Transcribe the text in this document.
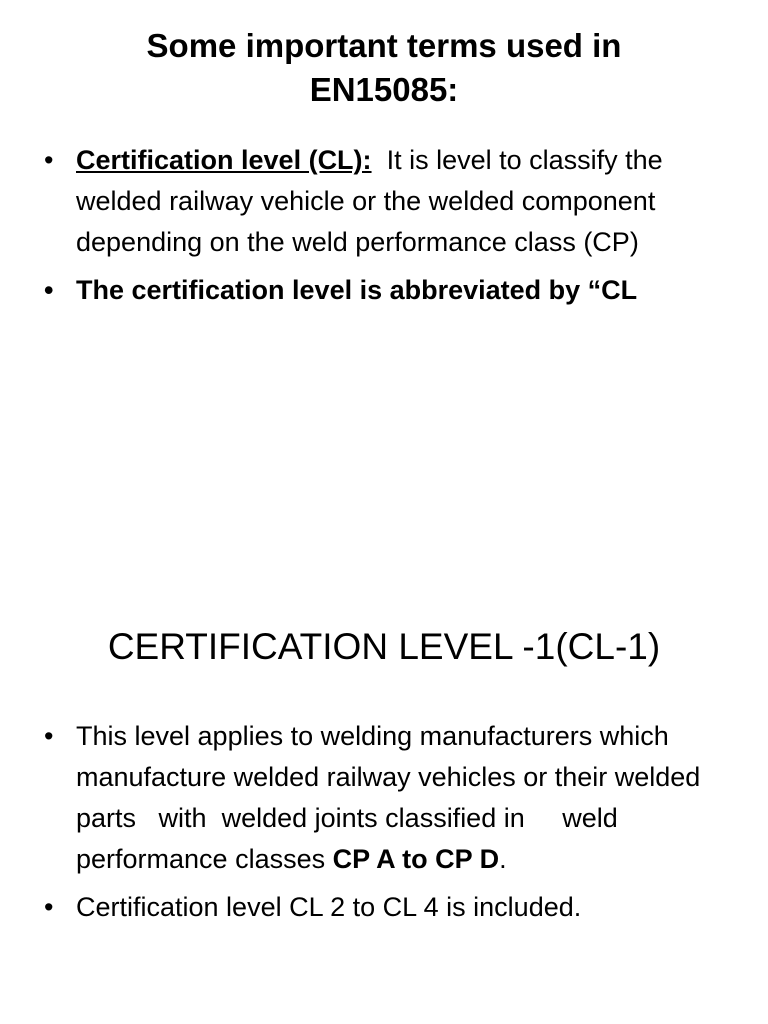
Some important terms used in
EN15085:
• Certification level (CL): It is level to classify the welded railway vehicle or the welded component depending on the weld performance class (CP)
• The certification level is abbreviated by “CL
CERTIFICATION LEVEL -1(CL-1)
• This level applies to welding manufacturers which manufacture welded railway vehicles or their welded parts with welded joints classified in weld performance classes CP A to CP D.
• Certification level CL 2 to CL 4 is included.
